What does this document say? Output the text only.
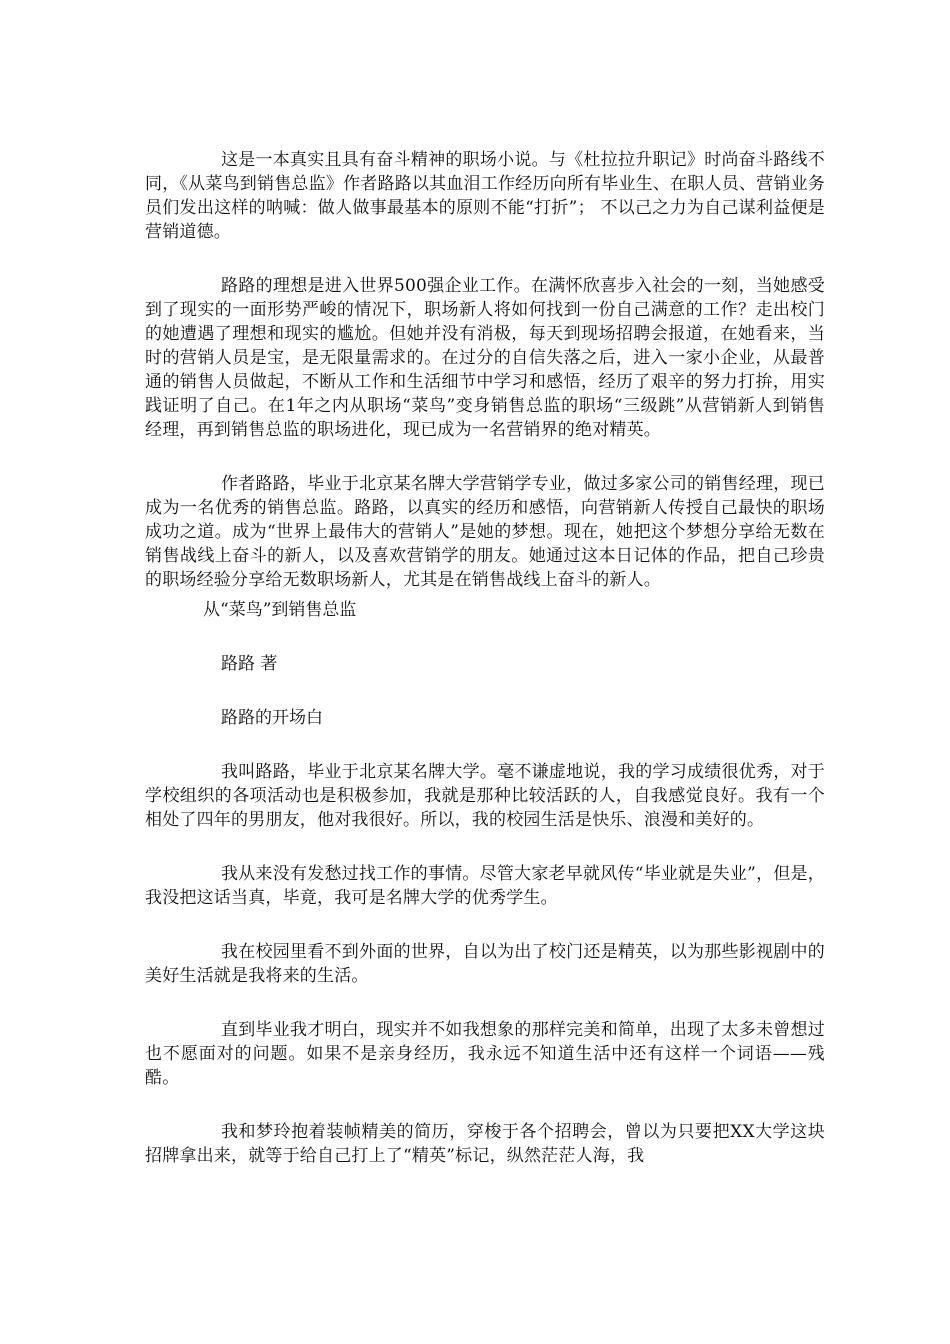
这是一本真实且具有奋斗精神的职场小说。与《杜拉拉升职记》时尚奋斗路线不同，《从菜鸟到销售总监》作者路路以其血泪工作经历向所有毕业生、在职人员、营销业务员们发出这样的呐喊：做人做事最基本的原则不能“打折”； 不以己之力为自己谋利益便是营销道德。

路路的理想是进入世界500强企业工作。在满怀欣喜步入社会的一刻，当她感受到了现实的一面形势严峻的情况下，职场新人将如何找到一份自己满意的工作？走出校门的她遭遇了理想和现实的尴尬。但她并没有消极，每天到现场招聘会报道，在她看来，当时的营销人员是宝，是无限量需求的。在过分的自信失落之后，进入一家小企业，从最普通的销售人员做起，不断从工作和生活细节中学习和感悟，经历了艰辛的努力打拚，用实践证明了自己。在1年之内从职场“菜鸟”变身销售总监的职场“三级跳”从营销新人到销售经理，再到销售总监的职场进化，现已成为一名营销界的绝对精英。

作者路路，毕业于北京某名牌大学营销学专业，做过多家公司的销售经理，现已成为一名优秀的销售总监。路路，以真实的经历和感悟，向营销新人传授自己最快的职场成功之道。成为“世界上最伟大的营销人”是她的梦想。现在，她把这个梦想分享给无数在销售战线上奋斗的新人，以及喜欢营销学的朋友。她通过这本日记体的作品，把自己珍贵的职场经验分享给无数职场新人，尤其是在销售战线上奋斗的新人。

从“菜鸟”到销售总监
路路 著
路路的开场白

我叫路路，毕业于北京某名牌大学。毫不谦虚地说，我的学习成绩很优秀，对于学校组织的各项活动也是积极参加，我就是那种比较活跃的人，自我感觉良好。我有一个相处了四年的男朋友，他对我很好。所以，我的校园生活是快乐、浪漫和美好的。

我从来没有发愁过找工作的事情。尽管大家老早就风传“毕业就是失业”，但是，我没把这话当真，毕竟，我可是名牌大学的优秀学生。

我在校园里看不到外面的世界，自以为出了校门还是精英，以为那些影视剧中的美好生活就是我将来的生活。

直到毕业我才明白，现实并不如我想象的那样完美和简单，出现了太多未曾想过也不愿面对的问题。如果不是亲身经历，我永远不知道生活中还有这样一个词语——残酷。

我和梦玲抱着装帧精美的简历，穿梭于各个招聘会，曾以为只要把XX大学这块招牌拿出来，就等于给自己打上了“精英”标记，纵然茫茫人海，我
